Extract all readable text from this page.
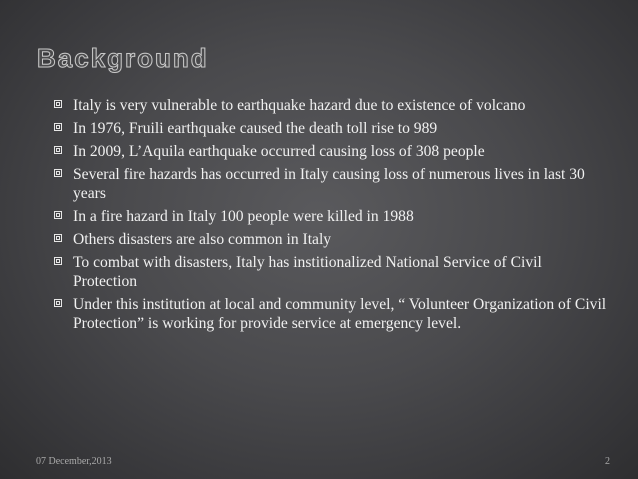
Background
Italy is very vulnerable to earthquake hazard due to existence of volcano
In 1976, Fruili earthquake caused the death toll rise to 989
In 2009, L’Aquila earthquake occurred causing loss of 308 people
Several fire hazards has occurred in Italy causing loss of numerous lives in last 30 years
In a fire hazard in Italy 100 people were killed in 1988
Others disasters are also common in Italy
To combat with disasters, Italy has institionalized National Service of Civil Protection
Under this institution at local and community level, “ Volunteer Organization of Civil Protection” is working for provide service at emergency level.
07 December,2013	2
